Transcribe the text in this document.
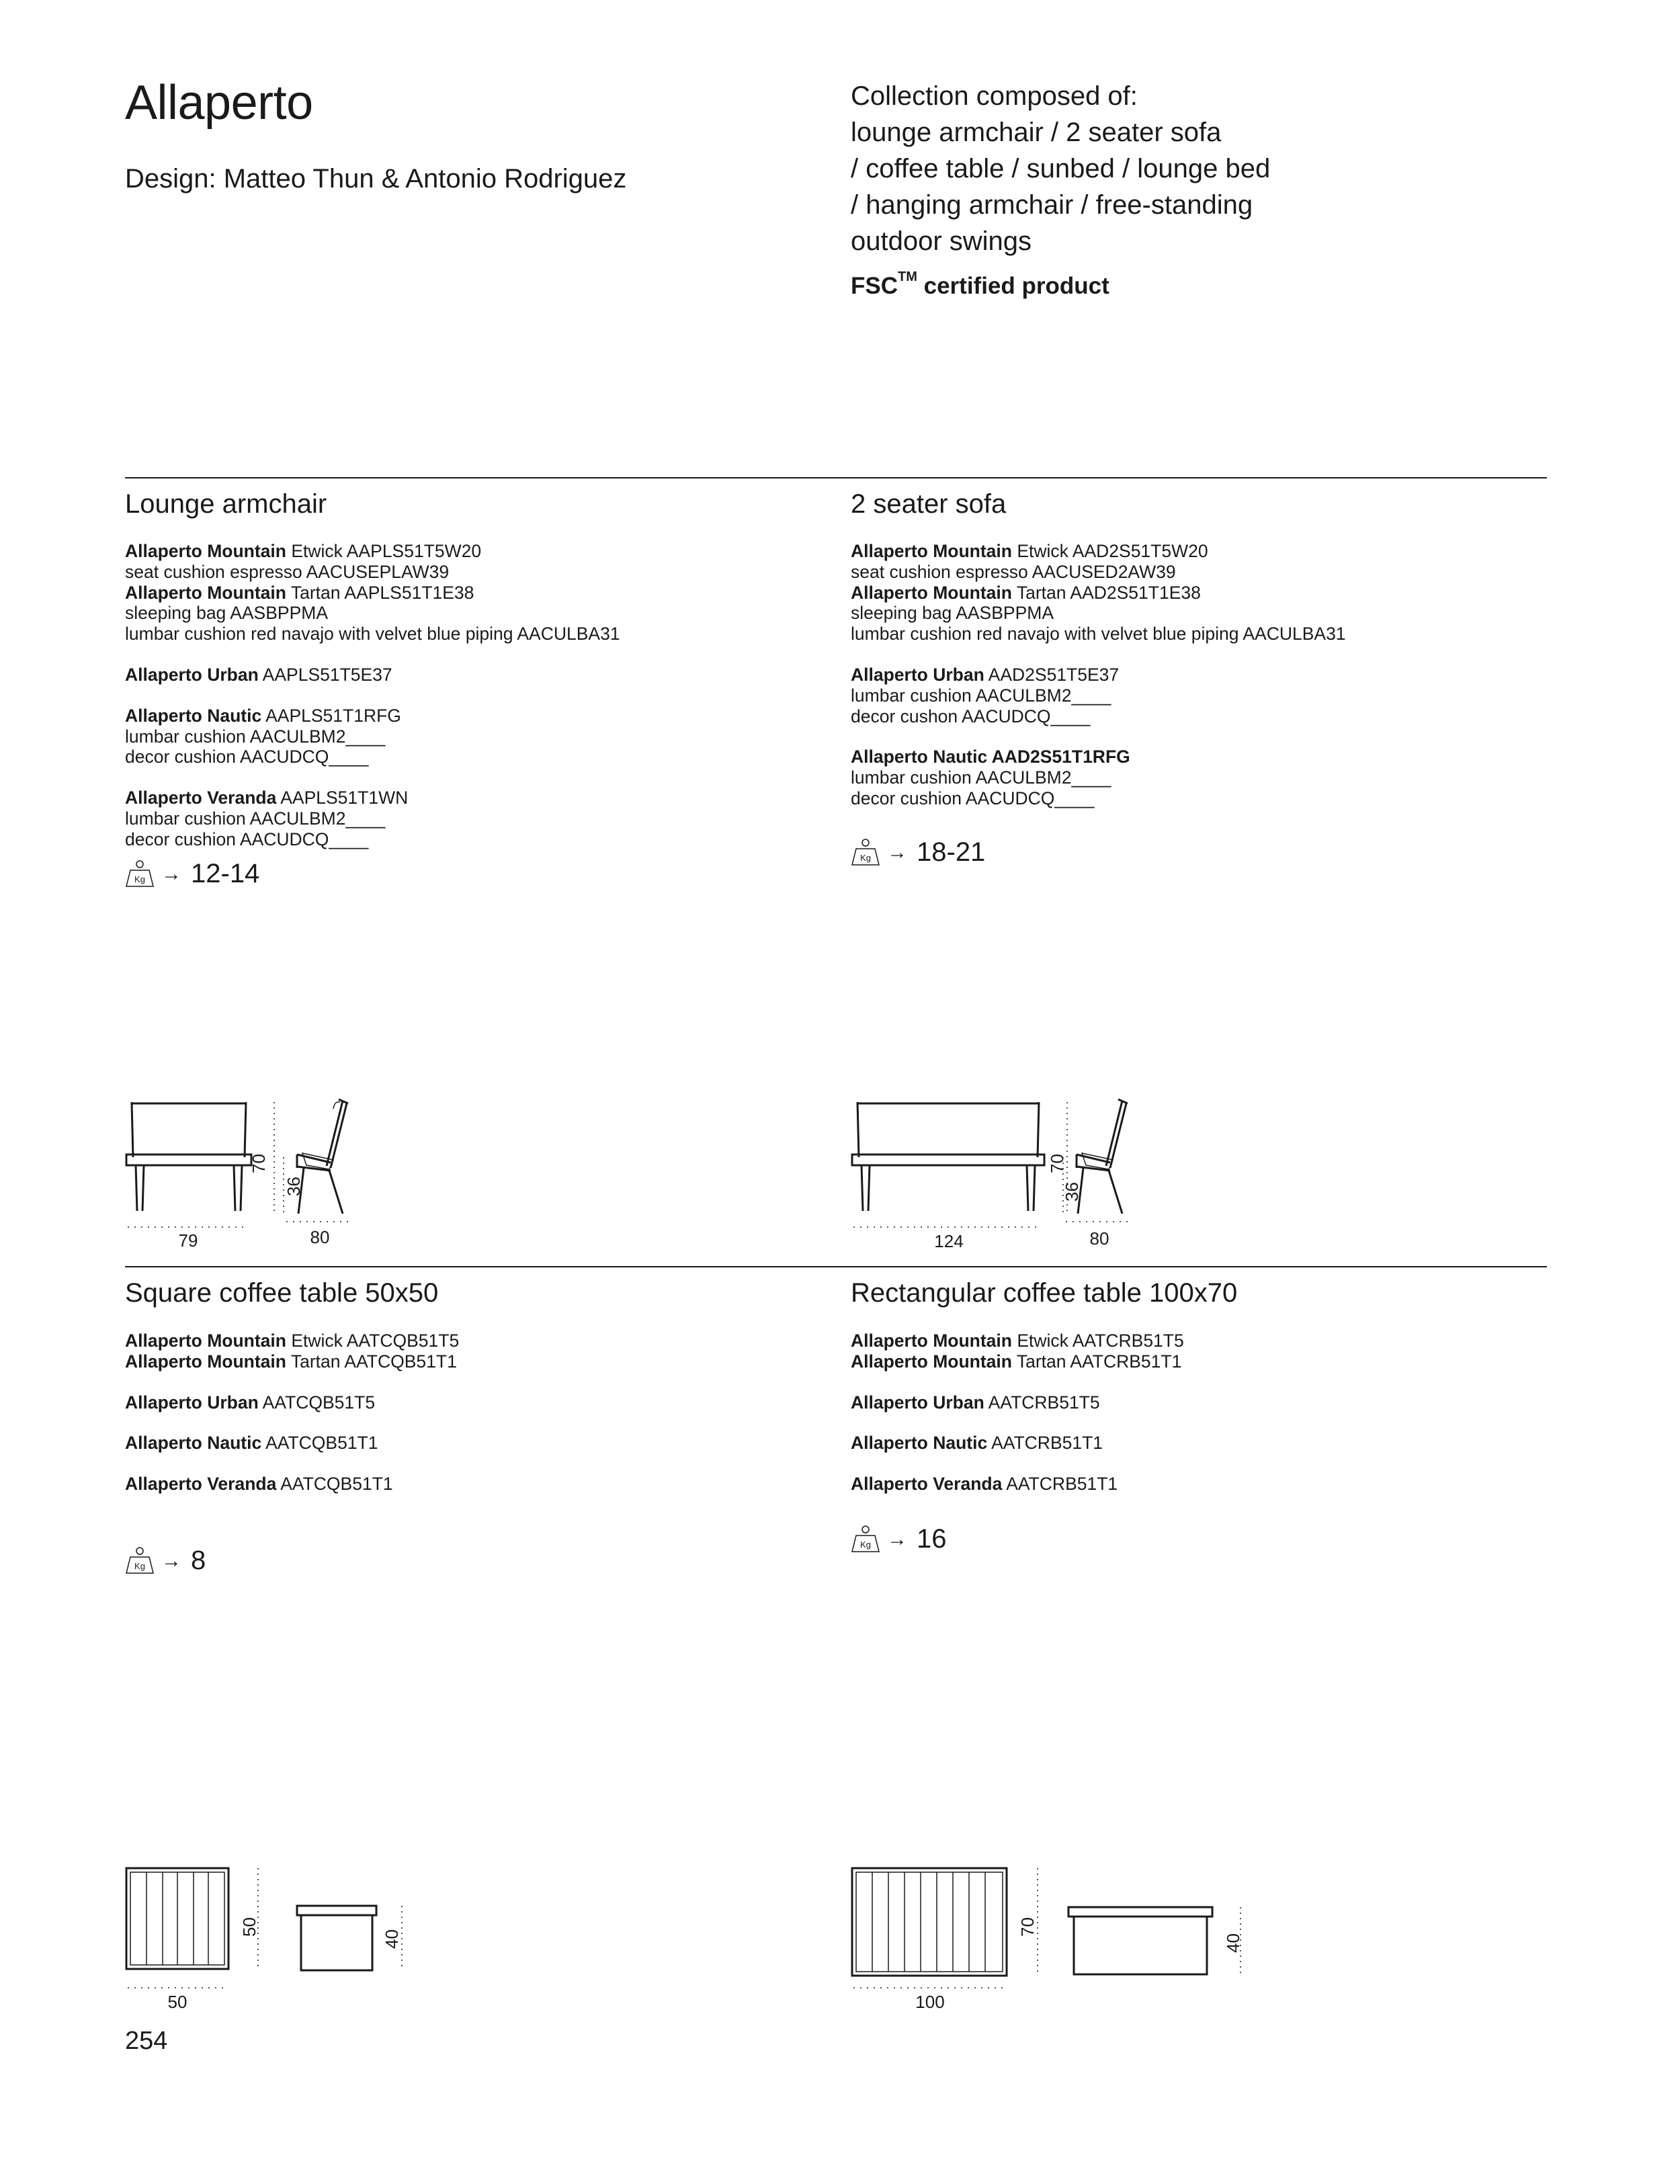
Allaperto
Design: Matteo Thun & Antonio Rodriguez
Collection composed of:
lounge armchair / 2 seater sofa
/ coffee table / sunbed / lounge bed
/ hanging armchair / free-standing
outdoor swings
FSC™ certified product
Lounge armchair
Allaperto Mountain Etwick AAPLS51T5W20
seat cushion espresso AACUSEPLAW39
Allaperto Mountain Tartan AAPLS51T1E38
sleeping bag AASBPPMA
lumbar cushion red navajo with velvet blue piping AACULBA31
Allaperto Urban AAPLS51T5E37
Allaperto Nautic AAPLS51T1RFG
lumbar cushion AACULBM2____
decor cushion AACUDCQ____
Allaperto Veranda AAPLS51T1WN
lumbar cushion AACULBM2____
decor cushion AACUDCQ____
Kg → 12-14
70
36
79	80
2 seater sofa
Allaperto Mountain Etwick AAD2S51T5W20
seat cushion espresso AACUSED2AW39
Allaperto Mountain Tartan AAD2S51T1E38
sleeping bag AASBPPMA
lumbar cushion red navajo with velvet blue piping AACULBA31
Allaperto Urban AAD2S51T5E37
lumbar cushion AACULBM2____
decor cushon AACUDCQ____
Allaperto Nautic AAD2S51T1RFG
lumbar cushion AACULBM2____
decor cushion AACUDCQ____
Kg → 18-21
70
36
124	80
Square coffee table 50x50
Allaperto Mountain Etwick AATCQB51T5
Allaperto Mountain Tartan AATCQB51T1
Allaperto Urban AATCQB51T5
Allaperto Nautic AATCQB51T1
Allaperto Veranda AATCQB51T1
Kg → 8
50
40
50
Rectangular coffee table 100x70
Allaperto Mountain Etwick AATCRB51T5
Allaperto Mountain Tartan AATCRB51T1
Allaperto Urban AATCRB51T5
Allaperto Nautic AATCRB51T1
Allaperto Veranda AATCRB51T1
Kg → 16
70
40
100
254
